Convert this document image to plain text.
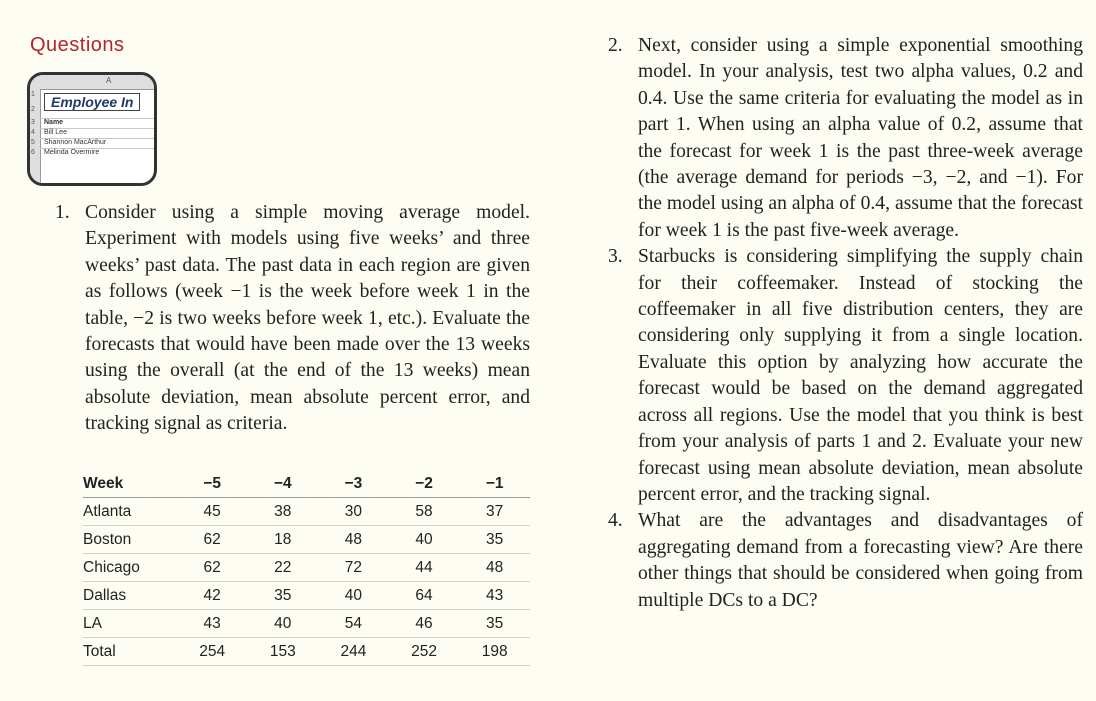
Questions
A
1
2
3
4
5
6
Employee In
Name
Bill Lee
Shannon MacArthur
Melinda Overmire
1. Consider using a simple moving average model. Experiment with models using five weeks’ and three weeks’ past data. The past data in each region are given as follows (week −1 is the week before week 1 in the table, −2 is two weeks before week 1, etc.). Evaluate the forecasts that would have been made over the 13 weeks using the overall (at the end of the 13 weeks) mean absolute deviation, mean absolute percent error, and tracking signal as criteria.
Week	−5	−4	−3	−2	−1
Atlanta	45	38	30	58	37
Boston	62	18	48	40	35
Chicago	62	22	72	44	48
Dallas	42	35	40	64	43
LA	43	40	54	46	35
Total	254	153	244	252	198
2. Next, consider using a simple exponential smoothing model. In your analysis, test two alpha values, 0.2 and 0.4. Use the same criteria for evaluating the model as in part 1. When using an alpha value of 0.2, assume that the forecast for week 1 is the past three-week average (the average demand for periods −3, −2, and −1). For the model using an alpha of 0.4, assume that the forecast for week 1 is the past five-week average.
3. Starbucks is considering simplifying the supply chain for their coffeemaker. Instead of stocking the coffeemaker in all five distribution centers, they are considering only supplying it from a single location. Evaluate this option by analyzing how accurate the forecast would be based on the demand aggregated across all regions. Use the model that you think is best from your analysis of parts 1 and 2. Evaluate your new forecast using mean absolute deviation, mean absolute percent error, and the tracking signal.
4. What are the advantages and disadvantages of aggregating demand from a forecasting view? Are there other things that should be considered when going from multiple DCs to a DC?
